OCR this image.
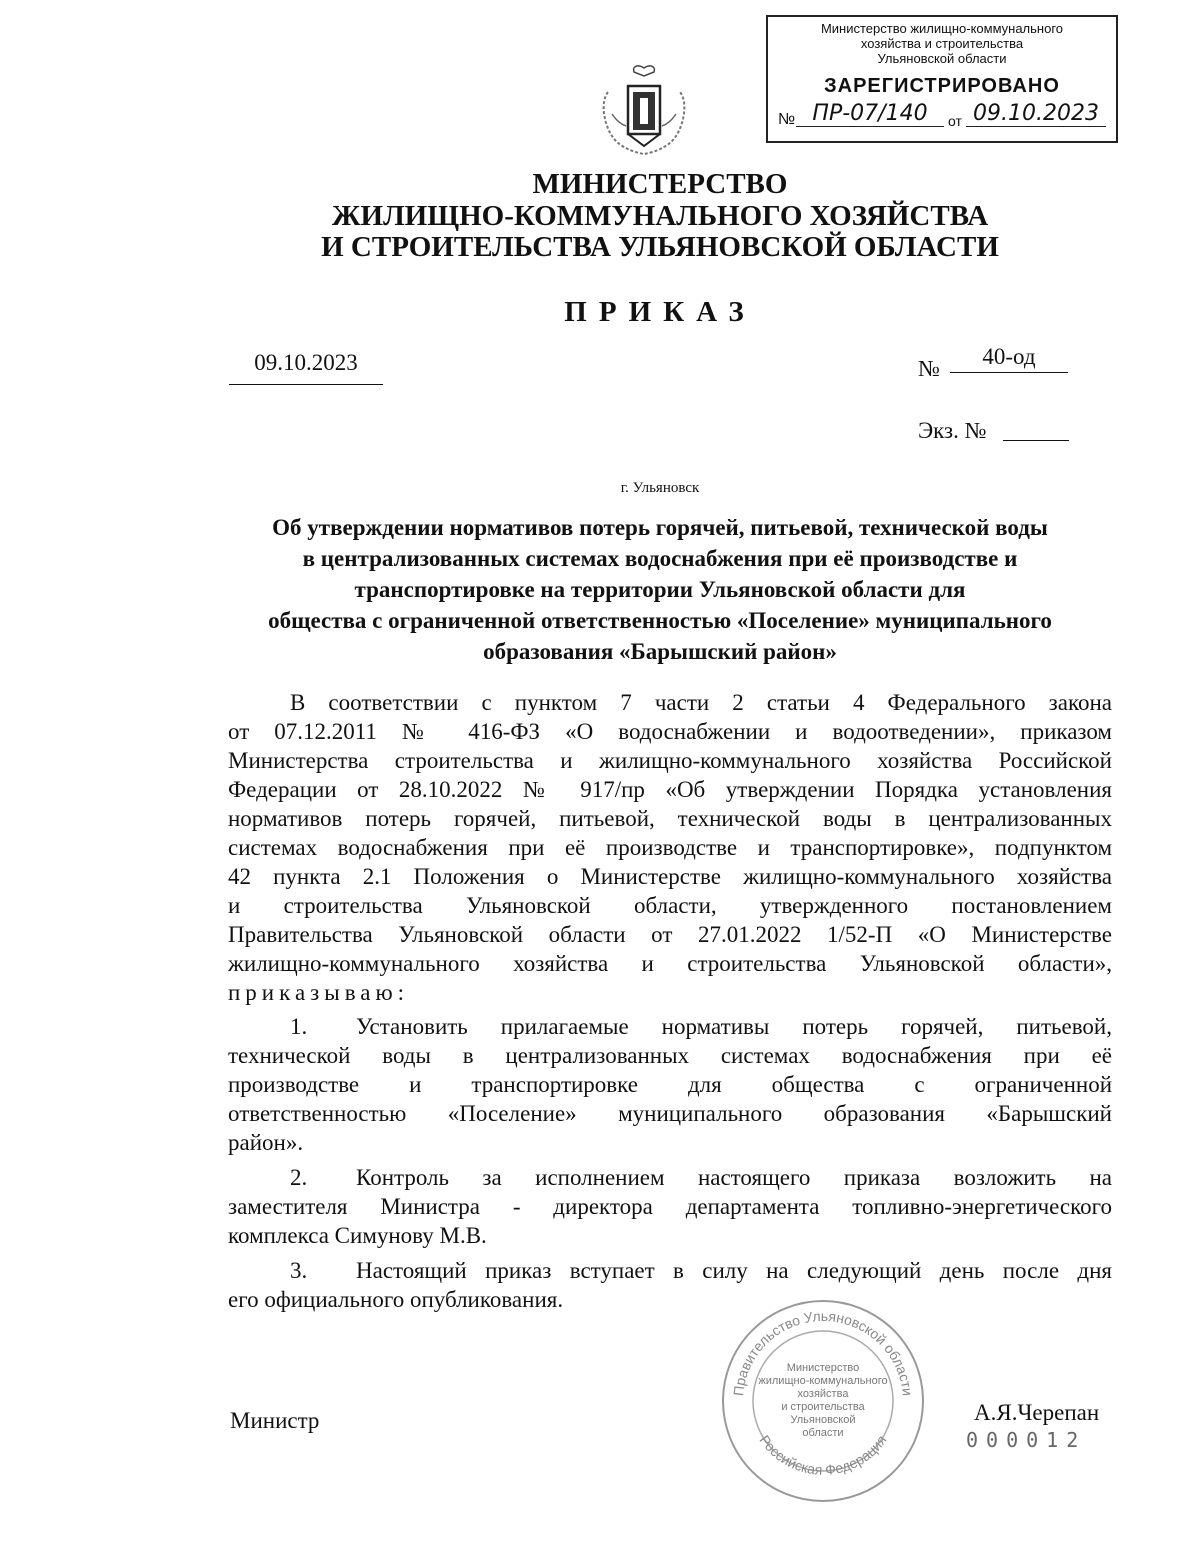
Министерство жилищно-коммунального
хозяйства и строительства
Ульяновской области
ЗАРЕГИСТРИРОВАНО
№ ПР-07/140	от 09.10.2023
МИНИСТЕРСТВО
ЖИЛИЩНО-КОММУНАЛЬНОГО ХОЗЯЙСТВА
И СТРОИТЕЛЬСТВА УЛЬЯНОВСКОЙ ОБЛАСТИ
ПРИКАЗ
09.10.2023	№	40-од
Экз. №
г. Ульяновск
Об утверждении нормативов потерь горячей, питьевой, технической воды
в централизованных системах водоснабжения при её производстве и
транспортировке на территории Ульяновской области для
общества с ограниченной ответственностью «Поселение» муниципального
образования «Барышский район»
В соответствии с пунктом 7 части 2 статьи 4 Федерального закона
от 07.12.2011 № 416-ФЗ «О водоснабжении и водоотведении», приказом
Министерства строительства и жилищно-коммунального хозяйства Российской
Федерации от 28.10.2022 № 917/пр «Об утверждении Порядка установления
нормативов потерь горячей, питьевой, технической воды в централизованных
системах водоснабжения при её производстве и транспортировке», подпунктом
42 пункта 2.1 Положения о Министерстве жилищно-коммунального хозяйства
и строительства Ульяновской области, утвержденного постановлением
Правительства Ульяновской области от 27.01.2022 1/52-П «О Министерстве
жилищно-коммунального хозяйства и строительства Ульяновской области»,
приказываю:
1.	Установить прилагаемые нормативы потерь горячей, питьевой,
технической воды в централизованных системах водоснабжения при её
производстве и транспортировке для общества с ограниченной
ответственностью «Поселение» муниципального образования «Барышский
район».
2.	Контроль за исполнением настоящего приказа возложить на
заместителя Министра - директора департамента топливно-энергетического
комплекса Симунову М.В.
3.	Настоящий приказ вступает в силу на следующий день после дня
его официального опубликования.
Правительство Ульяновской области
Российская Федерация
Министерство
жилищно-коммунального
хозяйства
и строительства
Ульяновской
области
Министр	А.Я.Черепан
000012
